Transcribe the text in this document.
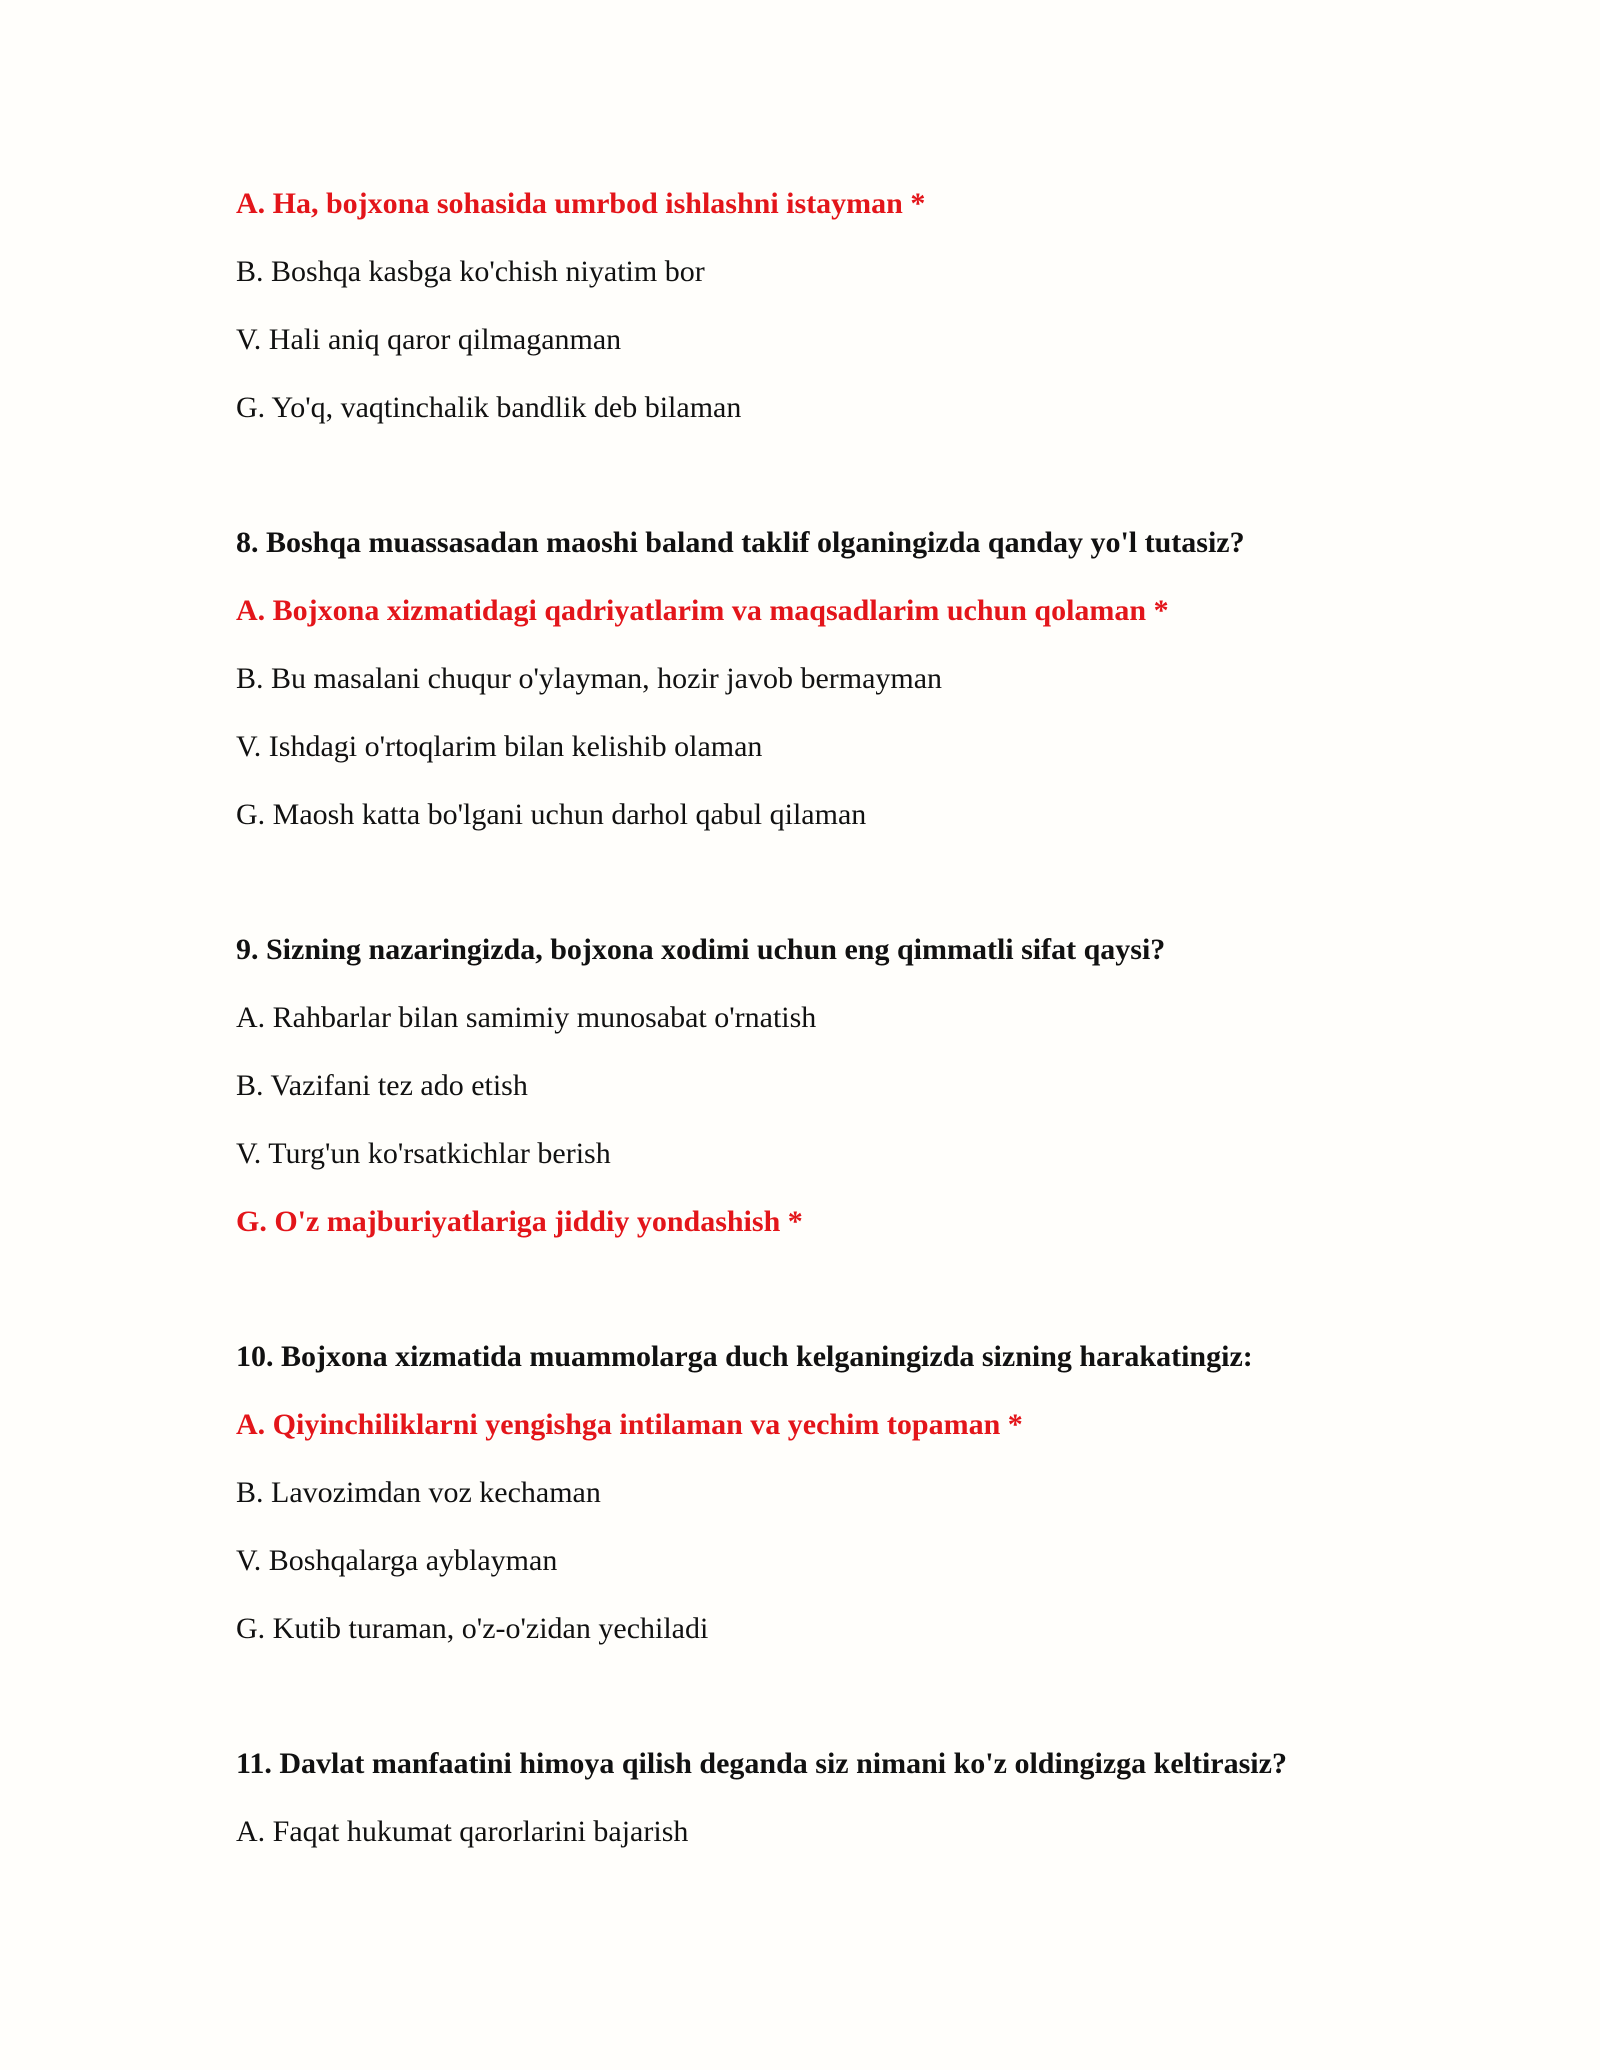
A. Ha, bojxona sohasida umrbod ishlashni istayman *

B. Boshqa kasbga ko'chish niyatim bor

V. Hali aniq qaror qilmaganman

G. Yo'q, vaqtinchalik bandlik deb bilaman

8. Boshqa muassasadan maoshi baland taklif olganingizda qanday yo'l tutasiz?

A. Bojxona xizmatidagi qadriyatlarim va maqsadlarim uchun qolaman *

B. Bu masalani chuqur o'ylayman, hozir javob bermayman

V. Ishdagi o'rtoqlarim bilan kelishib olaman

G. Maosh katta bo'lgani uchun darhol qabul qilaman

9. Sizning nazaringizda, bojxona xodimi uchun eng qimmatli sifat qaysi?

A. Rahbarlar bilan samimiy munosabat o'rnatish

B. Vazifani tez ado etish

V. Turg'un ko'rsatkichlar berish

G. O'z majburiyatlariga jiddiy yondashish *

10. Bojxona xizmatida muammolarga duch kelganingizda sizning harakatingiz:

A. Qiyinchiliklarni yengishga intilaman va yechim topaman *

B. Lavozimdan voz kechaman

V. Boshqalarga ayblayman

G. Kutib turaman, o'z-o'zidan yechiladi

11. Davlat manfaatini himoya qilish deganda siz nimani ko'z oldingizga keltirasiz?

A. Faqat hukumat qarorlarini bajarish
